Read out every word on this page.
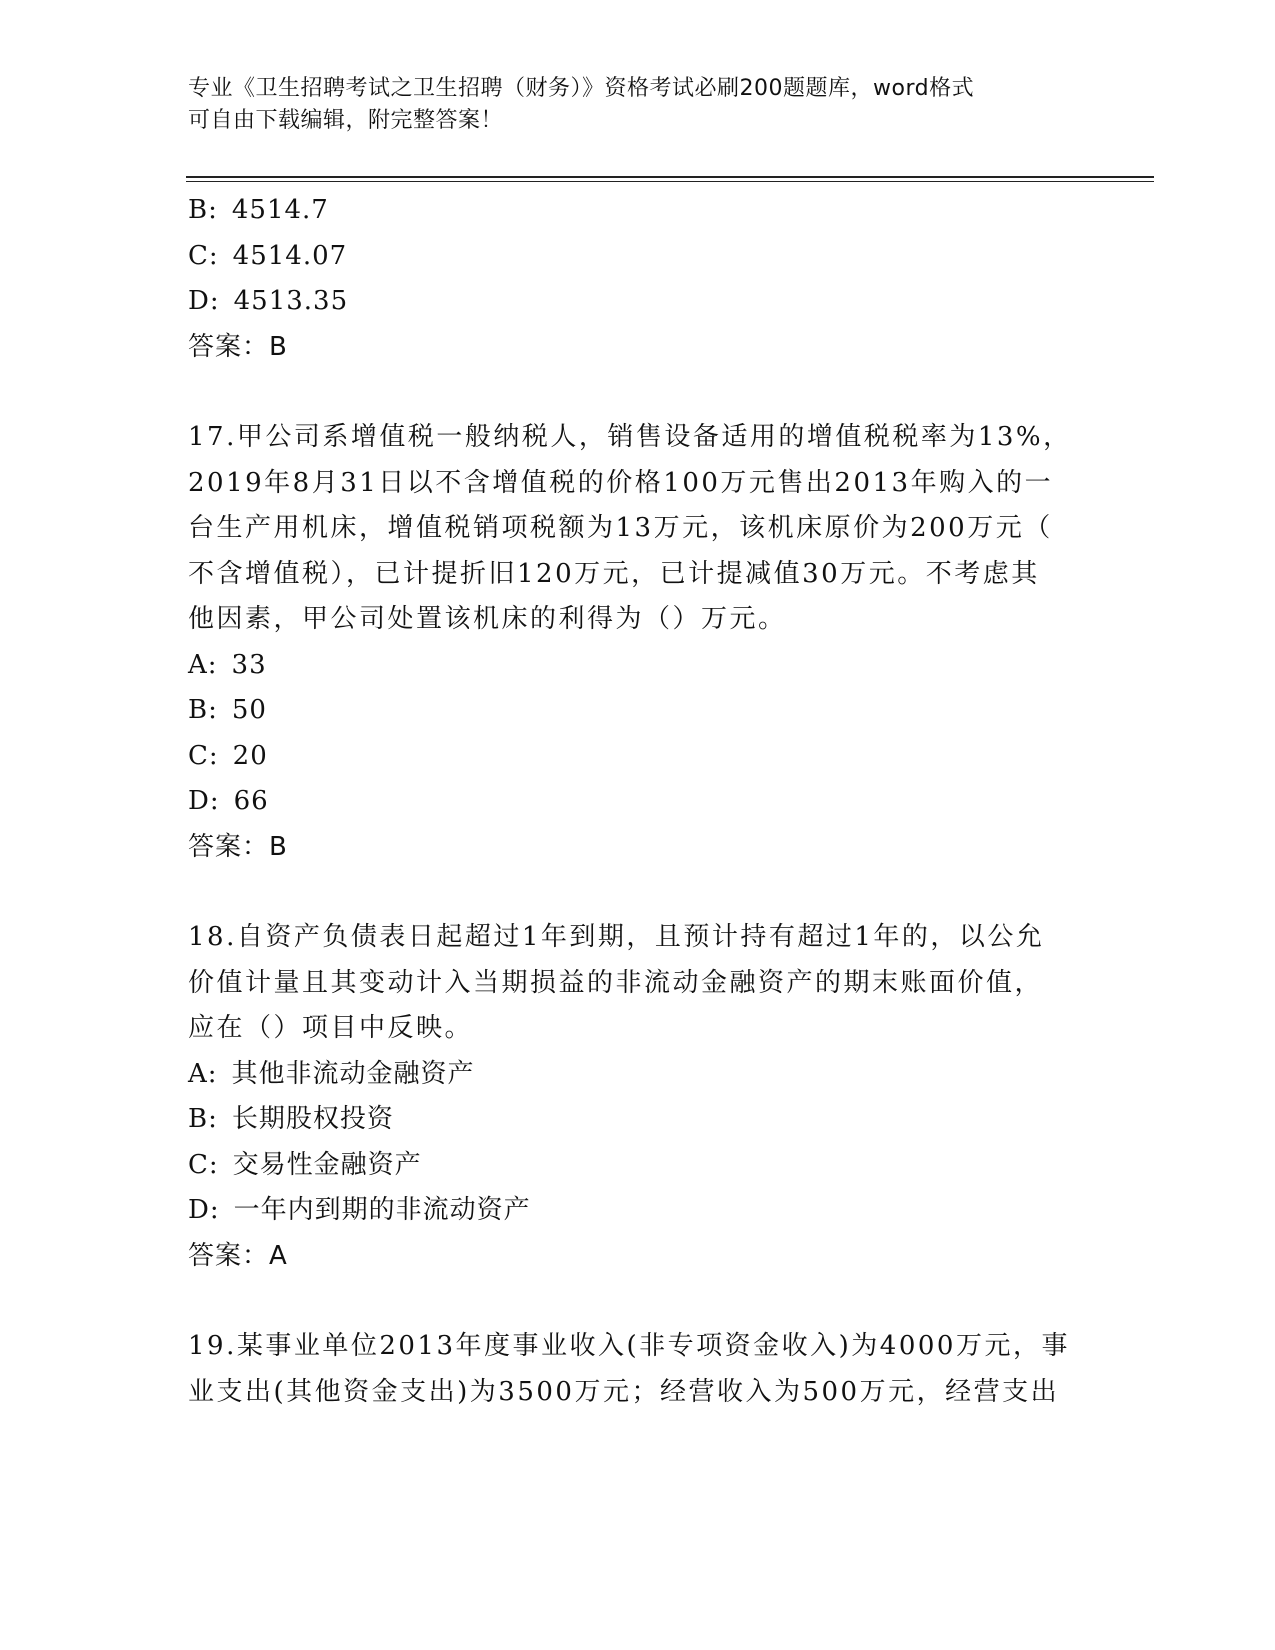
专业《卫生招聘考试之卫生招聘（财务）》资格考试必刷200题题库，word格式
可自由下载编辑，附完整答案！
B: 4514.7
C: 4514.07
D: 4513.35
答案：B
17.甲公司系增值税一般纳税人，销售设备适用的增值税税率为13%，
2019年8月31日以不含增值税的价格100万元售出2013年购入的一
台生产用机床，增值税销项税额为13万元，该机床原价为200万元（
不含增值税），已计提折旧120万元，已计提减值30万元。不考虑其
他因素，甲公司处置该机床的利得为（）万元。
A: 33
B: 50
C: 20
D: 66
答案：B
18.自资产负债表日起超过1年到期，且预计持有超过1年的，以公允
价值计量且其变动计入当期损益的非流动金融资产的期末账面价值，
应在（）项目中反映。
A: 其他非流动金融资产
B: 长期股权投资
C: 交易性金融资产
D: 一年内到期的非流动资产
答案：A
19.某事业单位2013年度事业收入(非专项资金收入)为4000万元，事
业支出(其他资金支出)为3500万元；经营收入为500万元，经营支出
